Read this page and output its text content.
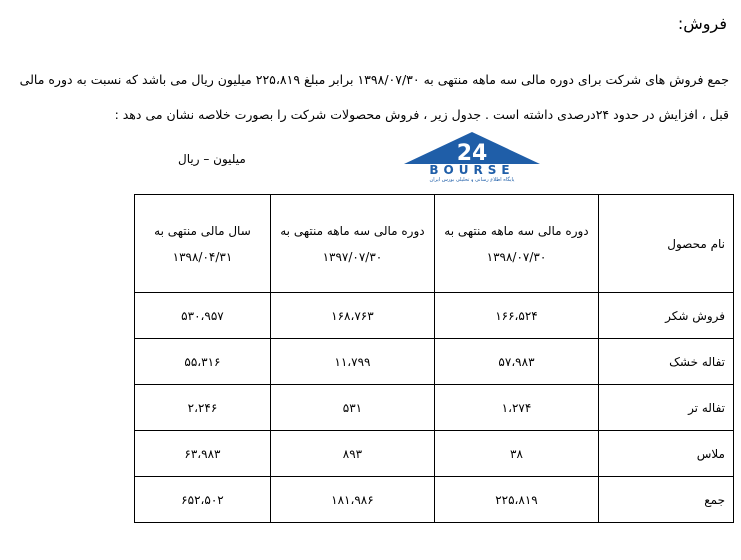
فروش:

جمع فروش های شرکت برای دوره مالی سه ماهه منتهی به ۱۳۹۸/۰۷/۳۰ برابر مبلغ ۲۲۵،۸۱۹ میلیون ریال می باشد که نسبت به دوره مالی

قبل ، افزایش در حدود ۲۴درصدی داشته است . جدول زیر ، فروش محصولات شرکت را بصورت خلاصه نشان می دهد :

میلیون – ریال	24
BOURSE
پایگاه اطلاع رسانی و تحلیلی بورس ایران
نام محصول	دوره مالی سه ماهه منتهی به ۱۳۹۸/۰۷/۳۰	دوره مالی سه ماهه منتهی به ۱۳۹۷/۰۷/۳۰	سال مالی منتهی به ۱۳۹۸/۰۴/۳۱
فروش شکر	۱۶۶،۵۲۴	۱۶۸،۷۶۳	۵۳۰،۹۵۷
تفاله خشک	۵۷،۹۸۳	۱۱،۷۹۹	۵۵،۳۱۶
تفاله تر	۱،۲۷۴	۵۳۱	۲،۲۴۶
ملاس	۳۸	۸۹۳	۶۳،۹۸۳
جمع	۲۲۵،۸۱۹	۱۸۱،۹۸۶	۶۵۲،۵۰۲
